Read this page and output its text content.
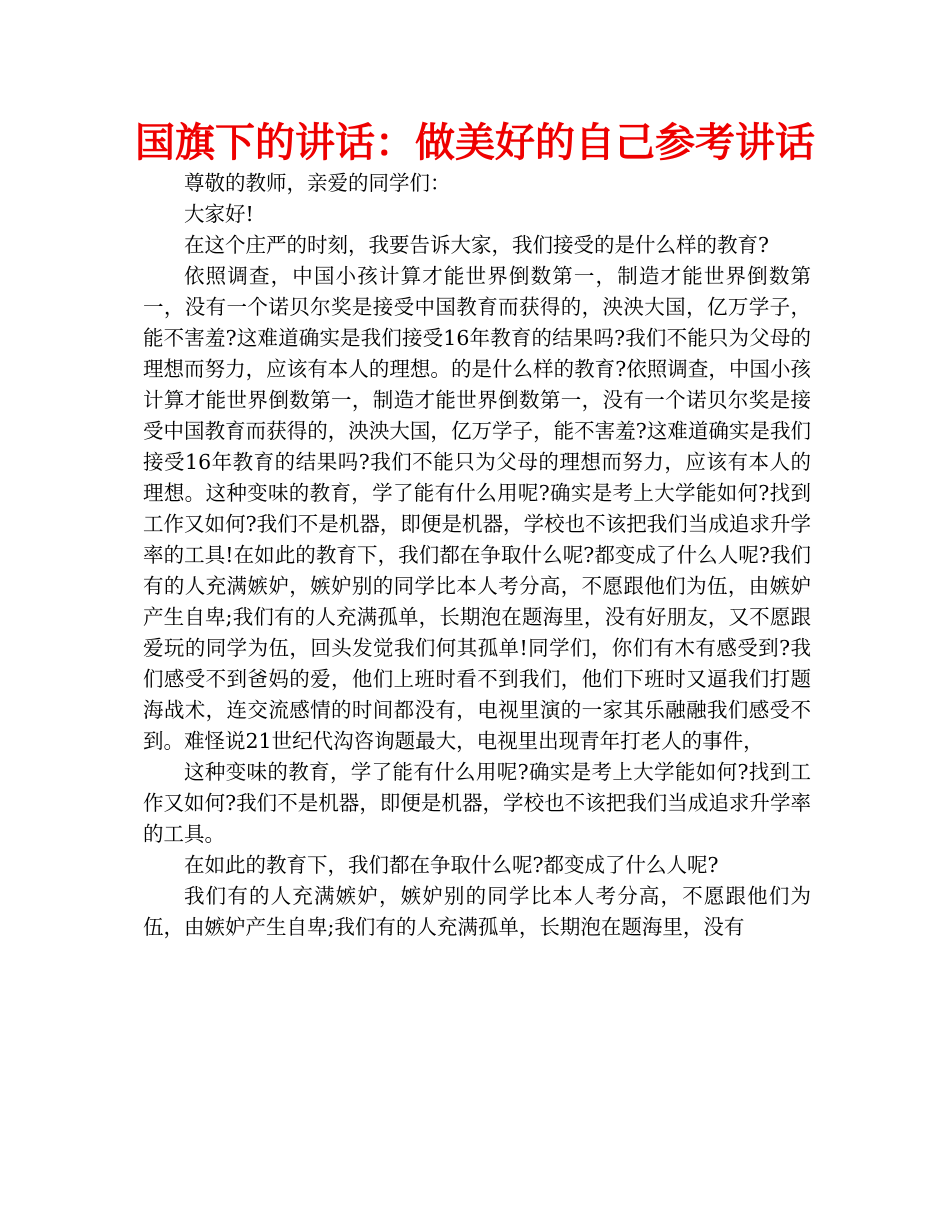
国旗下的讲话：做美好的自己参考讲话

尊敬的教师，亲爱的同学们：

大家好!

在这个庄严的时刻，我要告诉大家，我们接受的是什么样的教育?

依照调查，中国小孩计算才能世界倒数第一，制造才能世界倒数第一，没有一个诺贝尔奖是接受中国教育而获得的，泱泱大国，亿万学子，能不害羞?这难道确实是我们接受16年教育的结果吗?我们不能只为父母的理想而努力，应该有本人的理想。的是什么样的教育?依照调查，中国小孩计算才能世界倒数第一，制造才能世界倒数第一，没有一个诺贝尔奖是接受中国教育而获得的，泱泱大国，亿万学子，能不害羞?这难道确实是我们接受16年教育的结果吗?我们不能只为父母的理想而努力，应该有本人的理想。这种变味的教育，学了能有什么用呢?确实是考上大学能如何?找到工作又如何?我们不是机器，即便是机器，学校也不该把我们当成追求升学率的工具!在如此的教育下，我们都在争取什么呢?都变成了什么人呢?我们有的人充满嫉妒，嫉妒别的同学比本人考分高，不愿跟他们为伍，由嫉妒产生自卑;我们有的人充满孤单，长期泡在题海里，没有好朋友，又不愿跟爱玩的同学为伍，回头发觉我们何其孤单!同学们，你们有木有感受到?我们感受不到爸妈的爱，他们上班时看不到我们，他们下班时又逼我们打题海战术，连交流感情的时间都没有，电视里演的一家其乐融融我们感受不到。难怪说21世纪代沟咨询题最大，电视里出现青年打老人的事件，

这种变味的教育，学了能有什么用呢?确实是考上大学能如何?找到工作又如何?我们不是机器，即便是机器，学校也不该把我们当成追求升学率的工具。

在如此的教育下，我们都在争取什么呢?都变成了什么人呢?

我们有的人充满嫉妒，嫉妒别的同学比本人考分高，不愿跟他们为伍，由嫉妒产生自卑;我们有的人充满孤单，长期泡在题海里，没有
